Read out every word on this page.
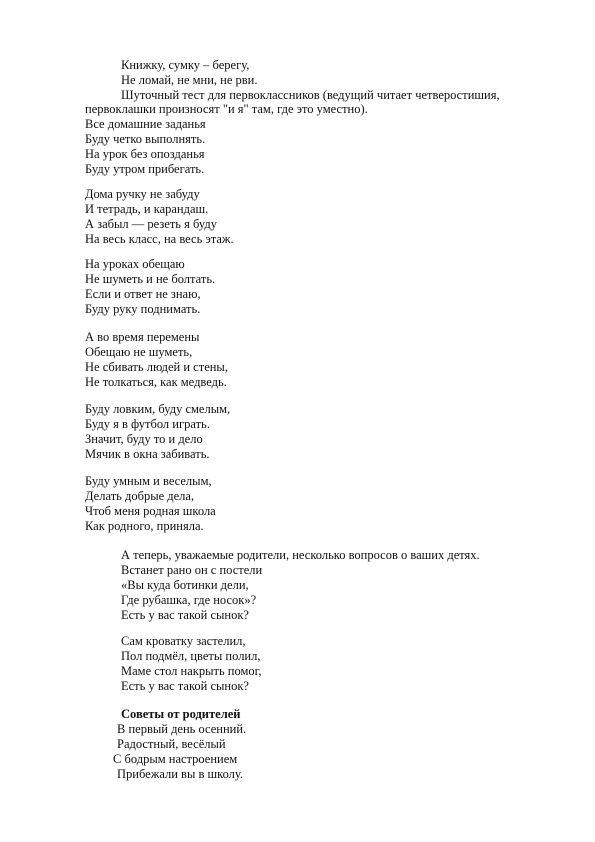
Книжку, сумку – берегу,
Не ломай, не мни, не рви.
Шуточный тест для первоклассников (ведущий читает четверостишия,
первоклашки произносят "и я" там, где это уместно).
Все домашние заданья
Буду четко выполнять.
На урок без опозданья
Буду утром прибегать.
Дома ручку не забуду
И тетрадь, и карандаш.
А забыл — резеть я буду
На весь класс, на весь этаж.
На уроках обещаю
Не шуметь и не болтать.
Если и ответ не знаю,
Буду руку поднимать.
А во время перемены
Обещаю не шуметь,
Не сбивать людей и стены,
Не толкаться, как медведь.
Буду ловким, буду смелым,
Буду я в футбол играть.
Значит, буду то и дело
Мячик в окна забивать.
Буду умным и веселым,
Делать добрые дела,
Чтоб меня родная школа
Как родного, приняла.
А теперь, уважаемые родители, несколько вопросов о ваших детях.
Встанет рано он с постели
«Вы куда ботинки дели,
Где рубашка, где носок»?
Есть у вас такой сынок?
Сам кроватку застелил,
Пол подмёл, цветы полил,
Маме стол накрыть помог,
Есть у вас такой сынок?
Советы от родителей
В первый день осенний.
Радостный, весёлый
С бодрым настроением
Прибежали вы в школу.
